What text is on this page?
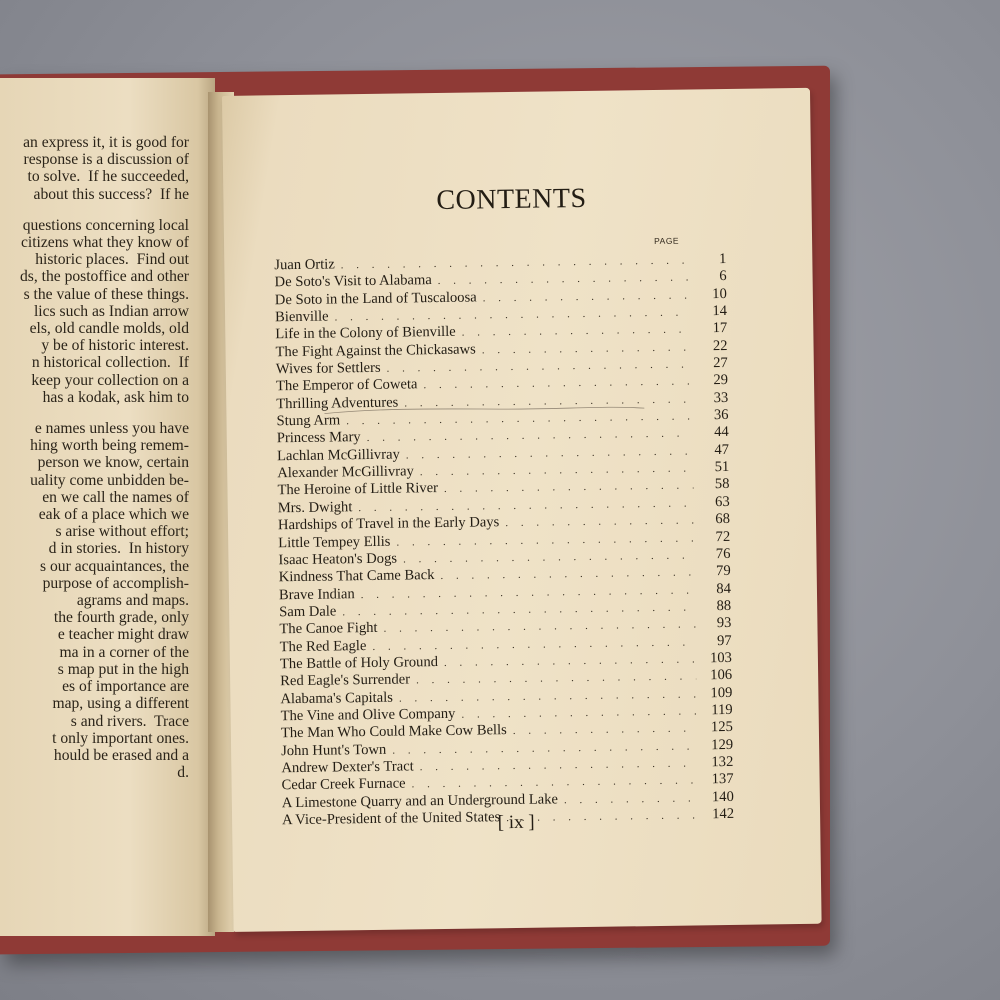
an express it, it is good for
response is a discussion of
to solve.  If he succeeded,
about this success?  If he
questions concerning local
citizens what they know of
historic places.  Find out
ds, the postoffice and other
s the value of these things.
lics such as Indian arrow
els, old candle molds, old
y be of historic interest.
n historical collection.  If
keep your collection on a
has a kodak, ask him to
e names unless you have
hing worth being remem-
person we know, certain
uality come unbidden be-
en we call the names of
eak of a place which we
s arise without effort;
d in stories.  In history
s our acquaintances, the
purpose of accomplish-
agrams and maps.
the fourth grade, only
e teacher might draw
ma in a corner of the
s map put in the high
es of importance are
map, using a different
s and rivers.  Trace
t only important ones.
hould be erased and a
d.
CONTENTS
PAGE
Juan Ortiz . . .	1
De Soto's Visit to Alabama . . .	6
De Soto in the Land of Tuscaloosa . . .	10
Bienville . . .	14
Life in the Colony of Bienville . . .	17
The Fight Against the Chickasaws . . .	22
Wives for Settlers . . .	27
The Emperor of Coweta . . .	29
Thrilling Adventures . . .	33
Stung Arm . . .	36
Princess Mary . . .	44
Lachlan McGillivray . . .	47
Alexander McGillivray . . .	51
The Heroine of Little River . . .	58
Mrs. Dwight . . .	63
Hardships of Travel in the Early Days . . .	68
Little Tempey Ellis . . .	72
Isaac Heaton's Dogs . . .	76
Kindness That Came Back . . .	79
Brave Indian . . .	84
Sam Dale . . .	88
The Canoe Fight . . .	93
The Red Eagle . . .	97
The Battle of Holy Ground . . .	103
Red Eagle's Surrender . . .	106
Alabama's Capitals . . .	109
The Vine and Olive Company . . .	119
The Man Who Could Make Cow Bells . . .	125
John Hunt's Town . . .	129
Andrew Dexter's Tract . . .	132
Cedar Creek Furnace . . .	137
A Limestone Quarry and an Underground Lake . . .	140
A Vice-President of the United States . . .	142
[ ix ]
